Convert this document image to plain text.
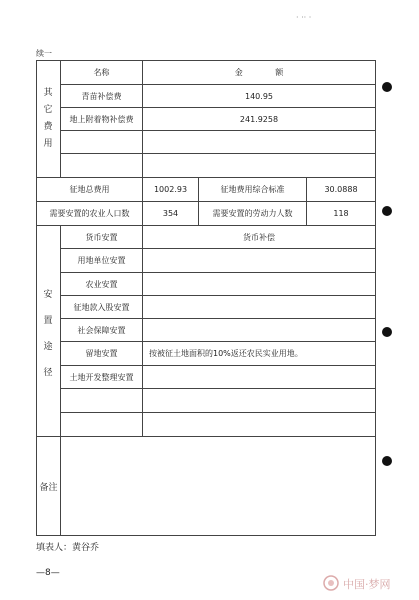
· ·· ·
续一
其
它
费
用
名称	金 额
青苗补偿费	140.95
地上附着物补偿费	241.9258
征地总费用	1002.93	征地费用综合标准	30.0888
需要安置的农业人口数	354	需要安置的劳动力人数	118
安
置
途
径
货币安置	货币补偿
用地单位安置
农业安置
征地款入股安置
社会保障安置
留地安置	按被征土地面积的10%返还农民实业用地。
土地开发整理安置
备注
填表人：黄谷乔
—8—
中国·梦网
